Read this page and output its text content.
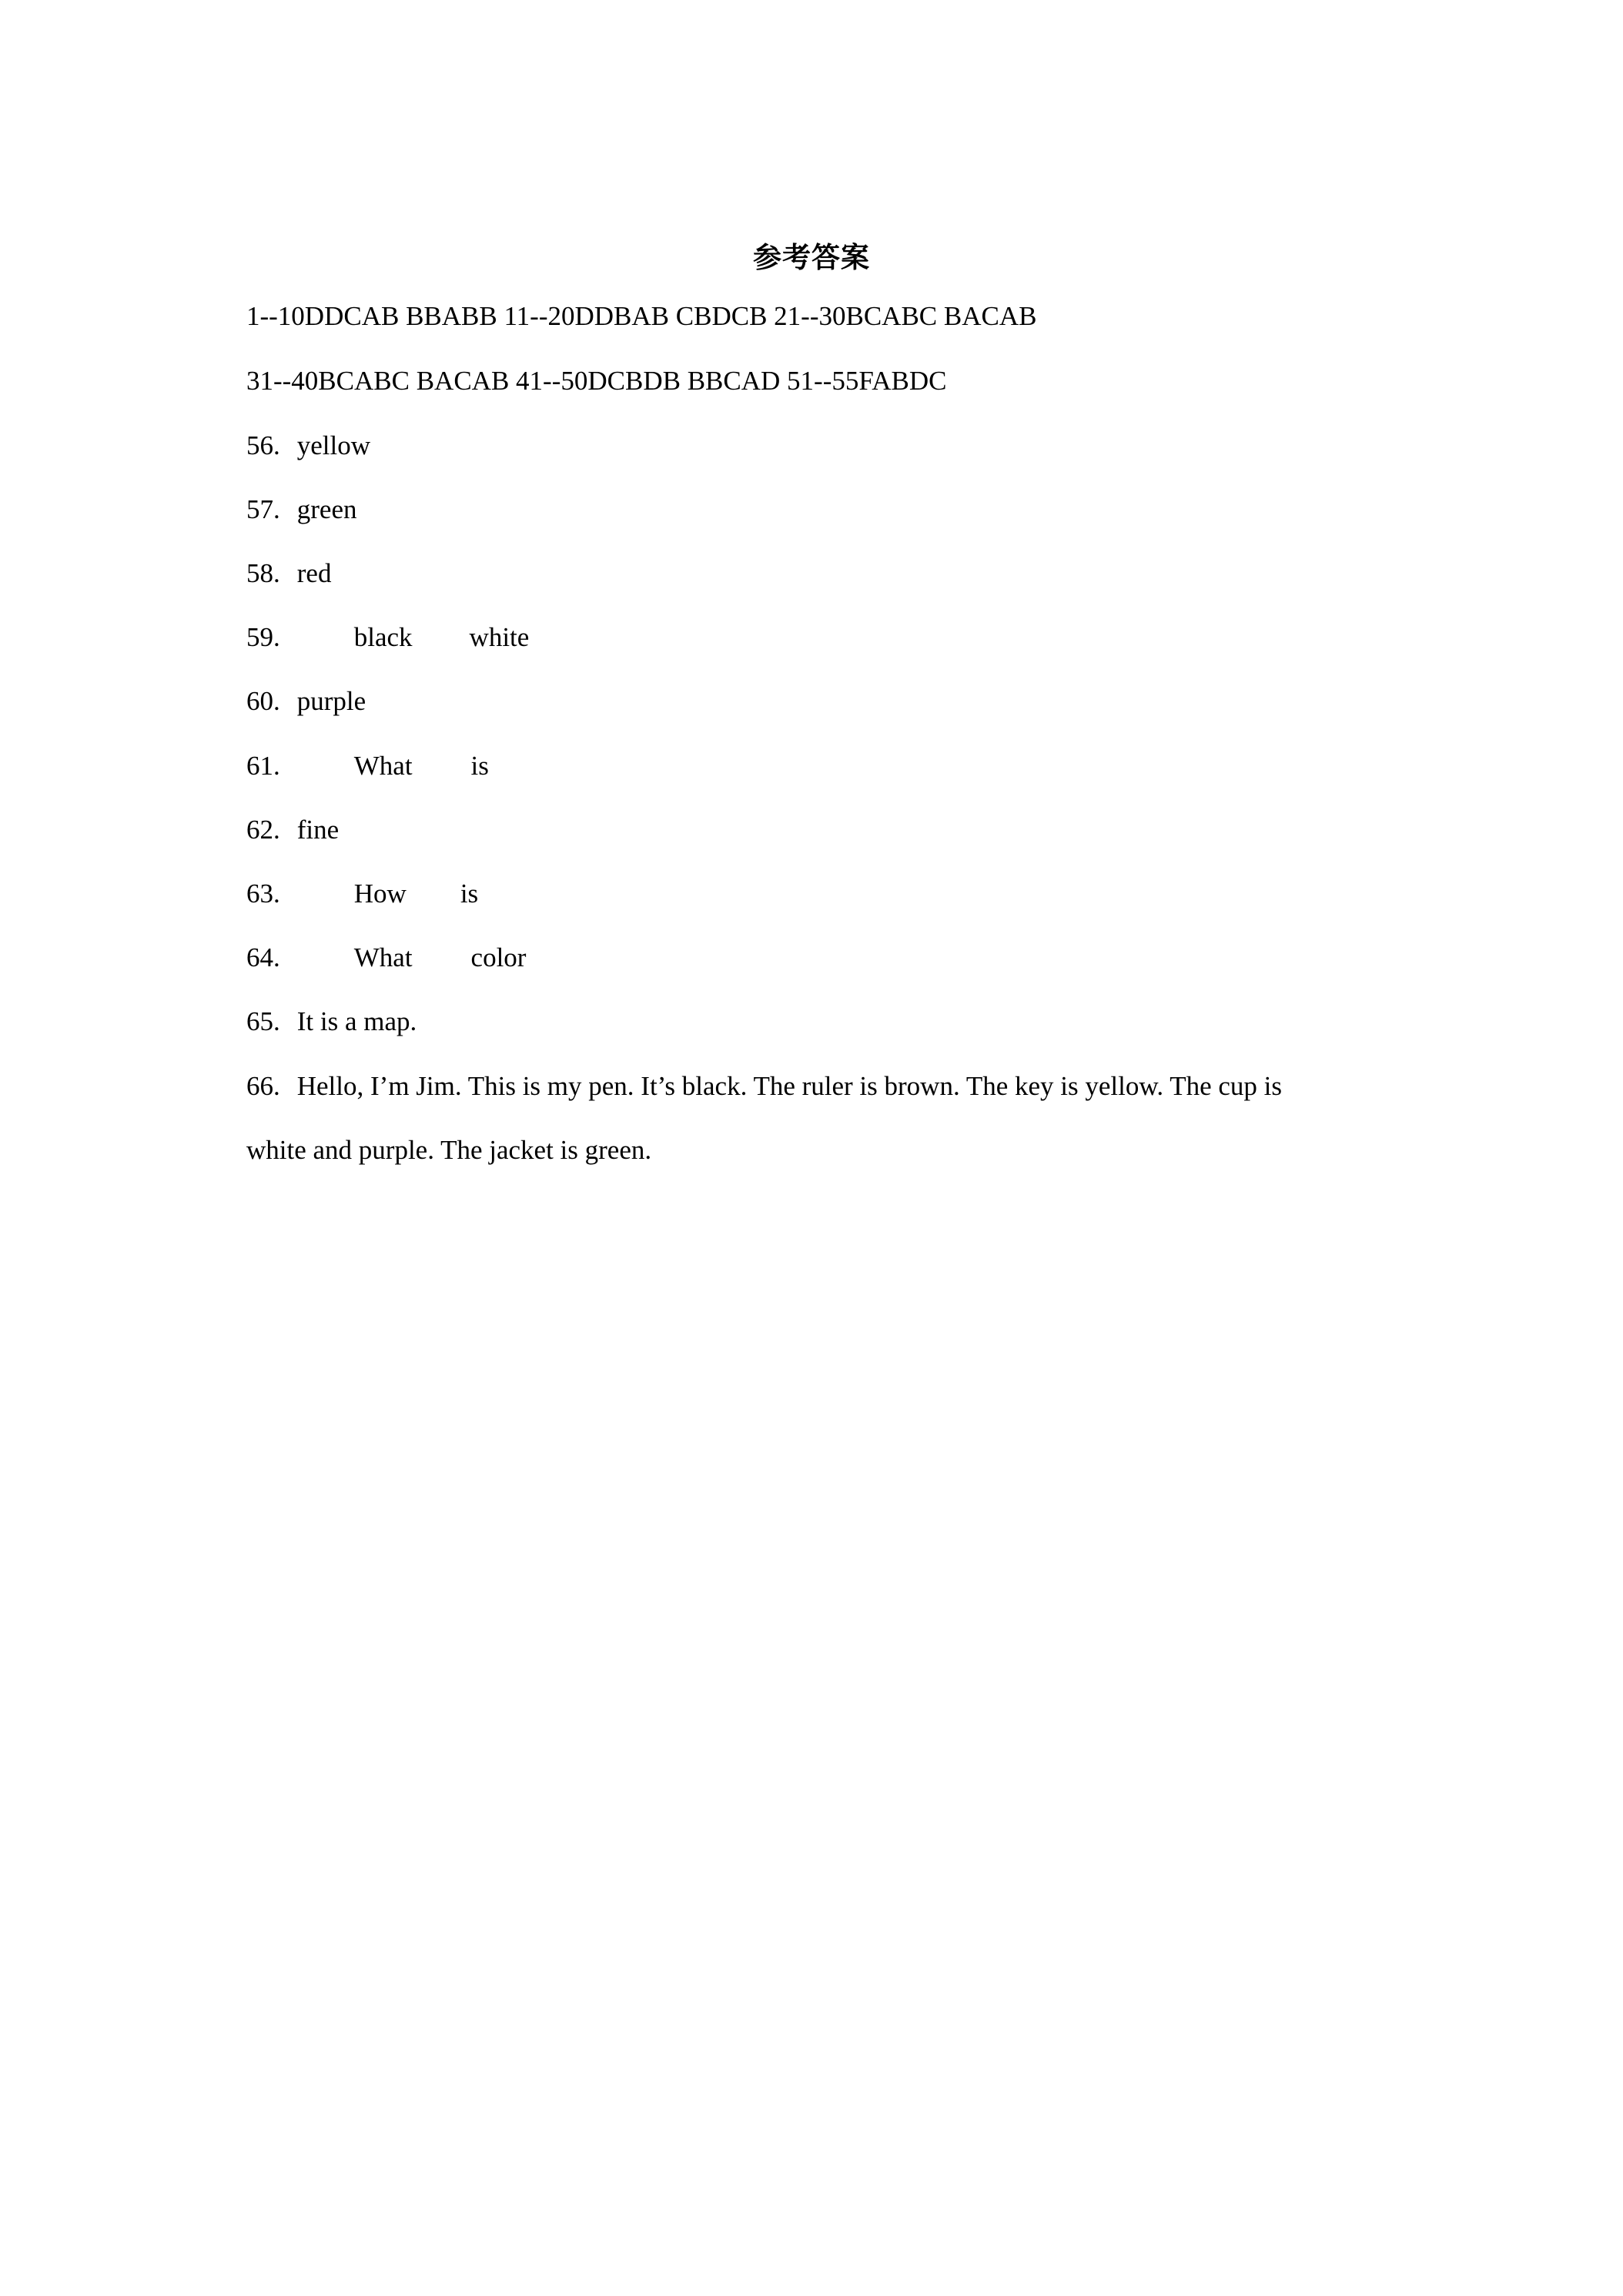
参考答案
1--10DDCAB BBABB 11--20DDBAB CBDCB 21--30BCABC BACAB
31--40BCABC BACAB 41--50DCBDB BBCAD 51--55FABDC
56. yellow
57. green
58. red
59.	black white
60. purple
61.	What is
62. fine
63.	How is
64.	What color
65. It is a map.
66. Hello, I’m Jim. This is my pen. It’s black. The ruler is brown. The key is yellow. The cup is
white and purple. The jacket is green.
